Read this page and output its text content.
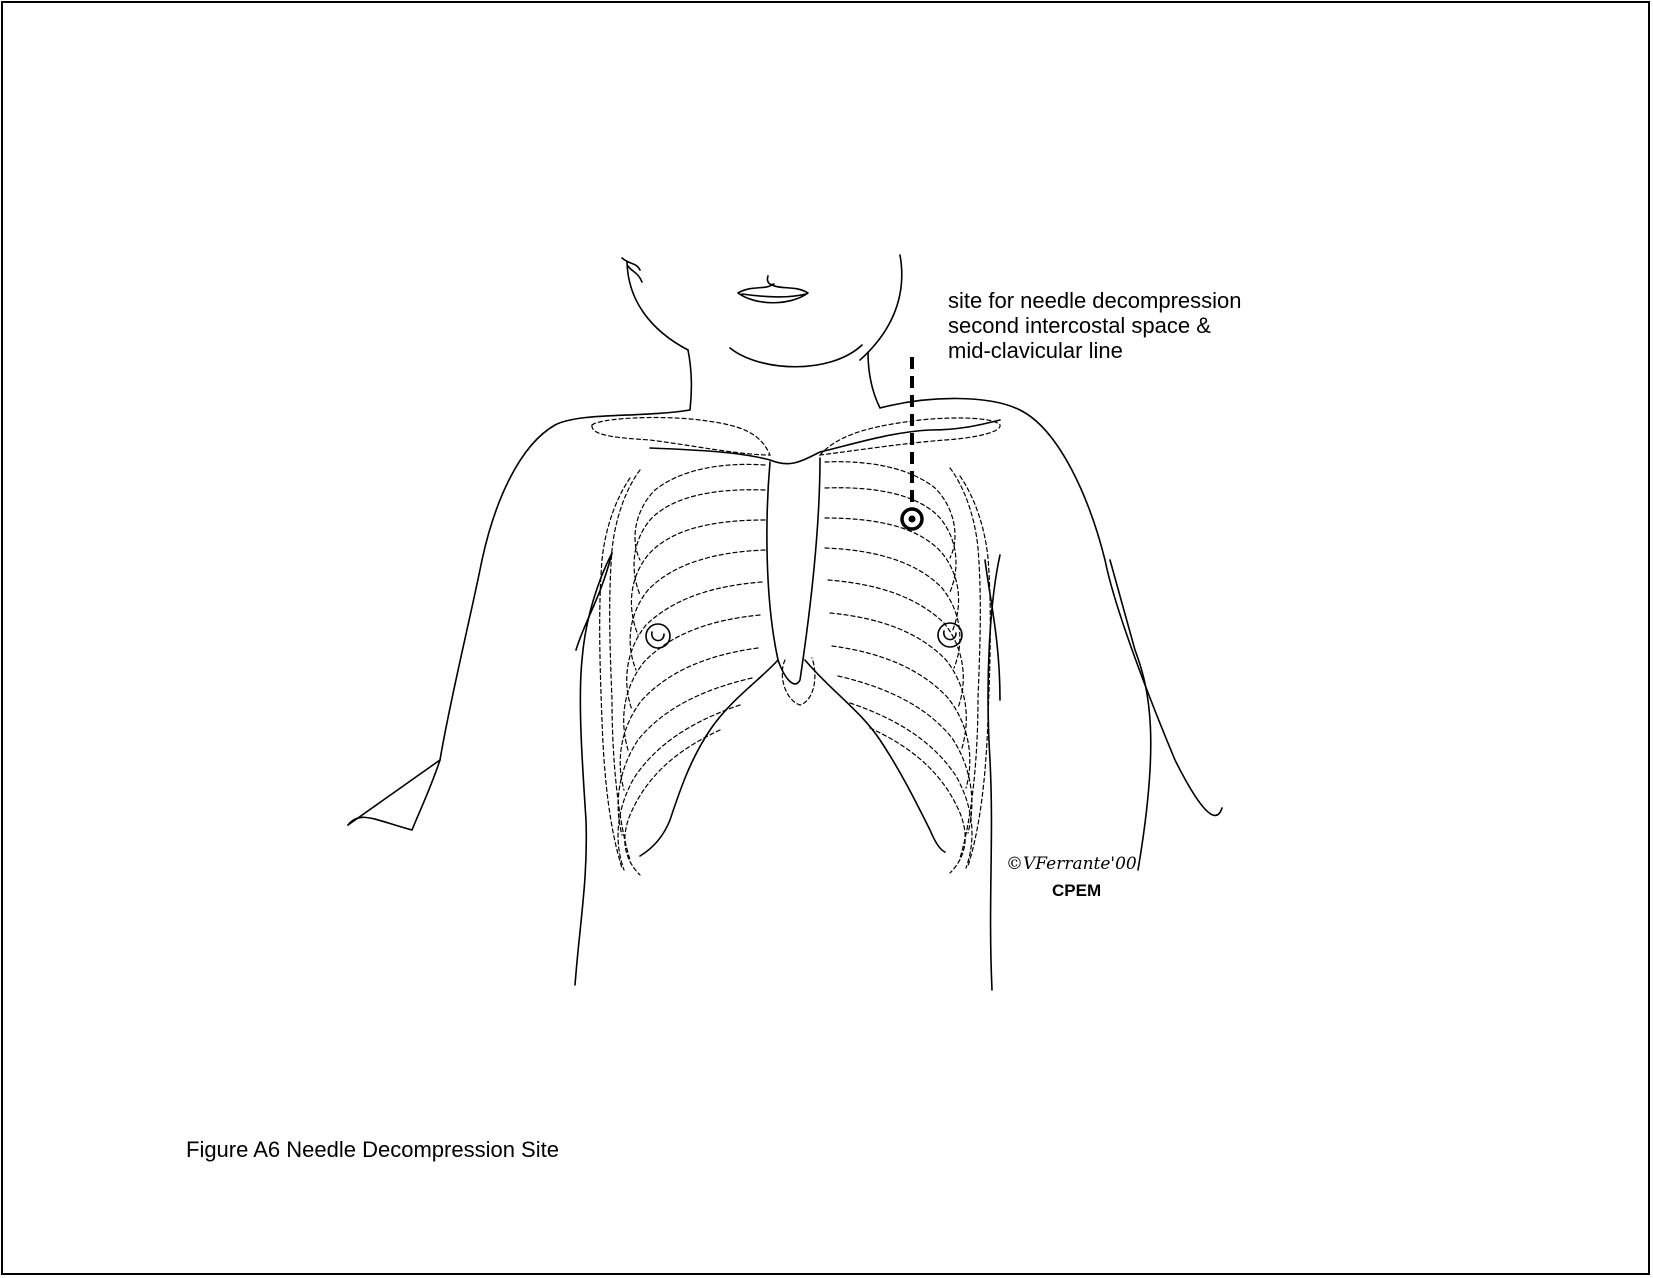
site for needle decompression
second intercostal space &
mid-clavicular line
©VFerrante'00
CPEM
Figure A6 Needle Decompression Site
